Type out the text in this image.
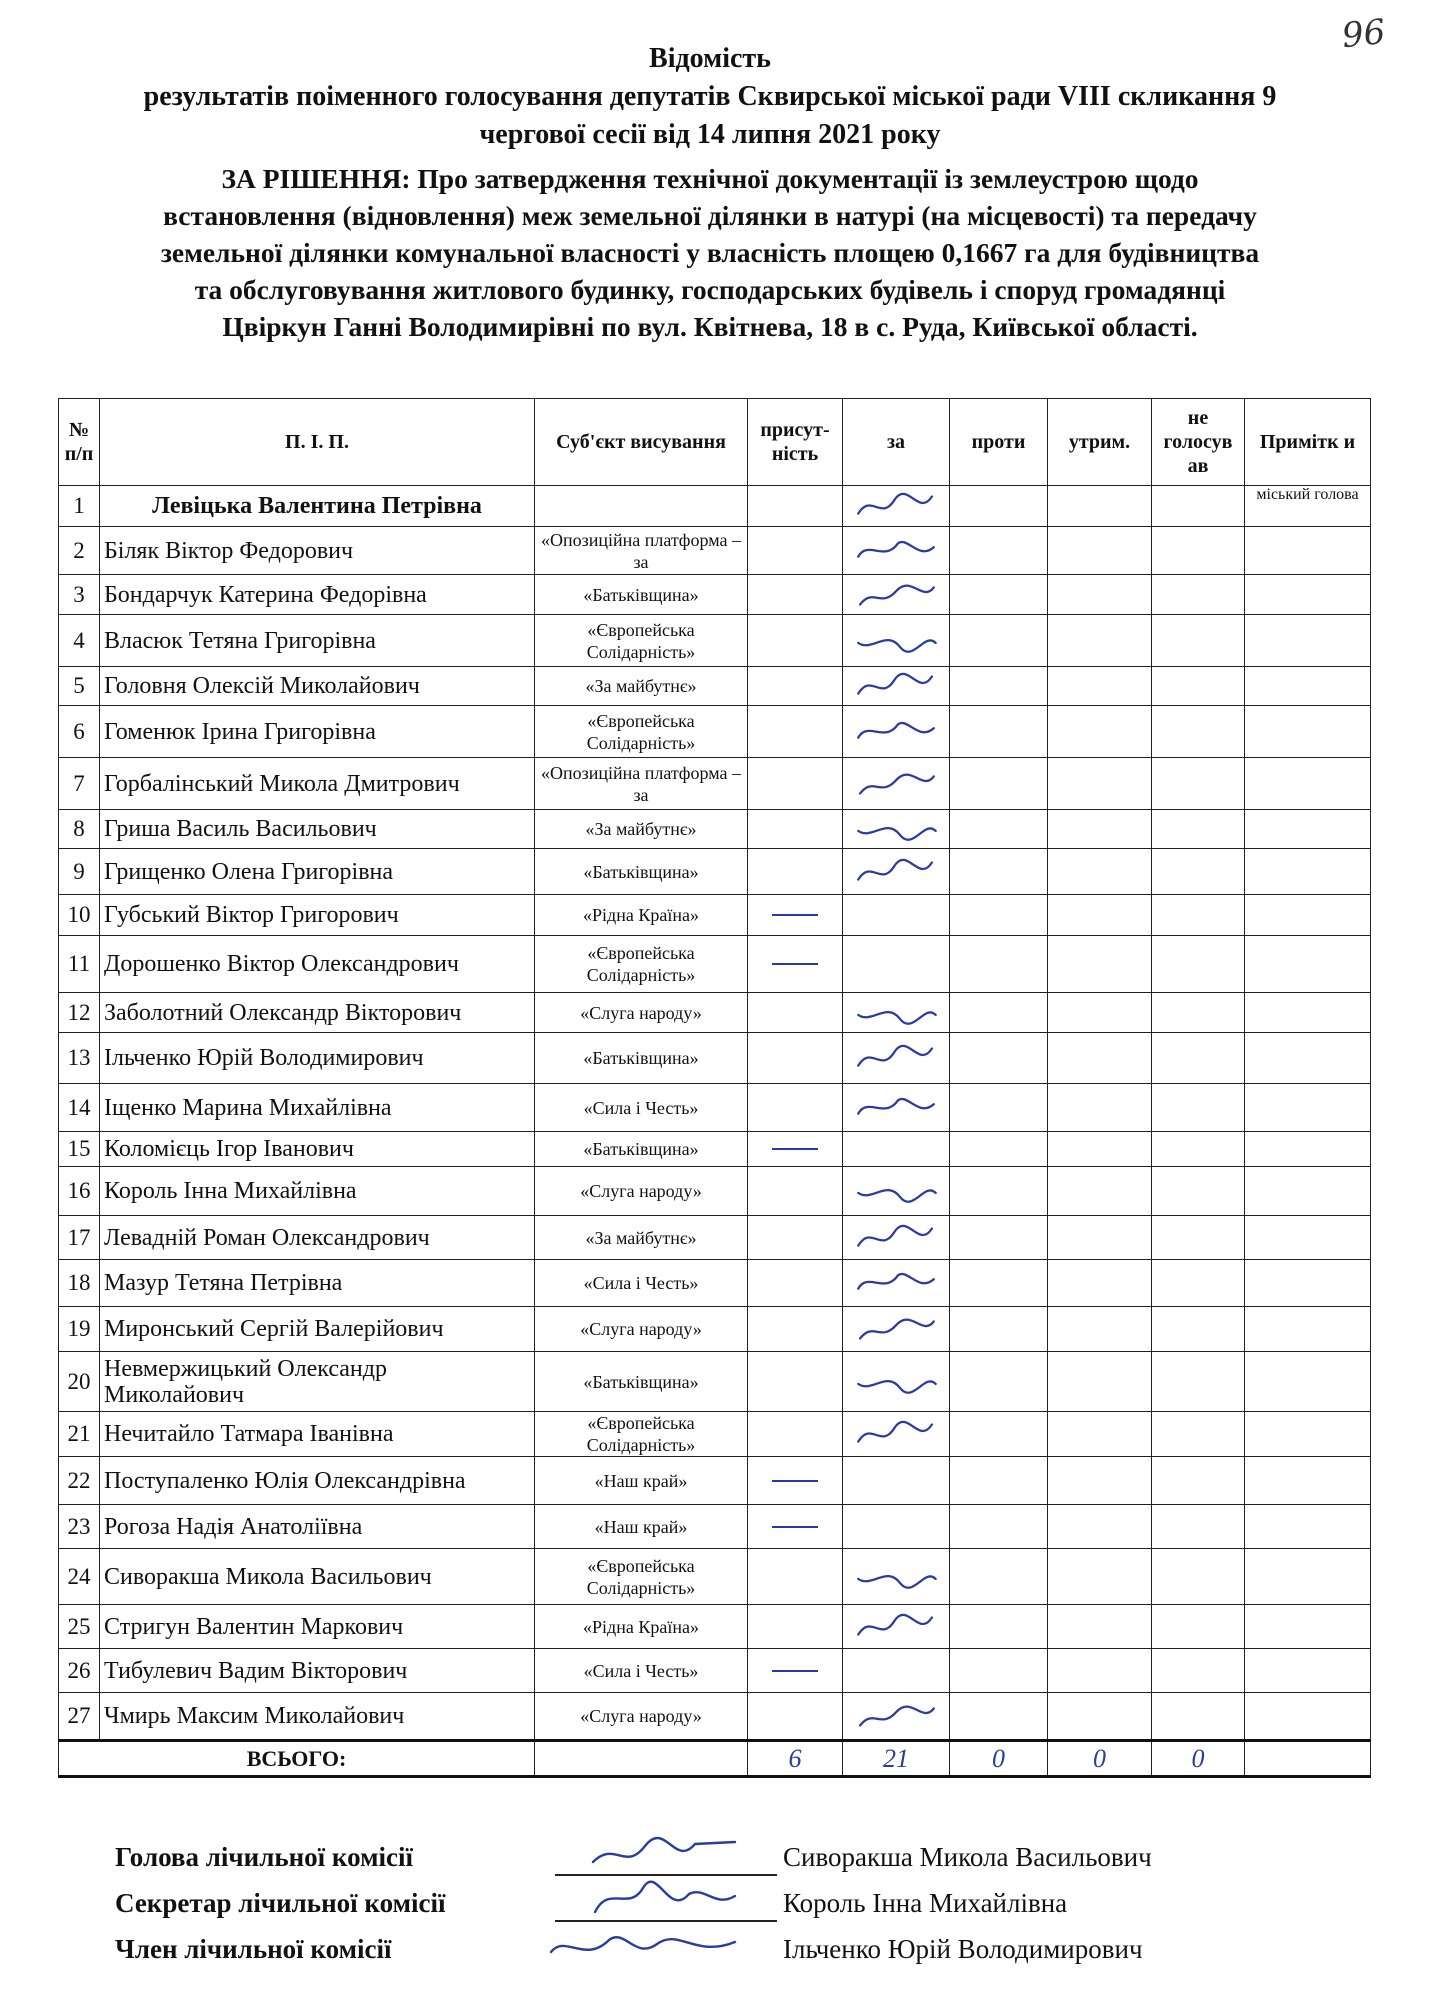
96
Відомість
результатів поіменного голосування депутатів Сквирської міської ради VIII скликання 9
чергової сесії від 14 липня 2021 року
ЗА РІШЕННЯ: Про затвердження технічної документації із землеустрою щодо
встановлення (відновлення) меж земельної ділянки в натурі (на місцевості) та передачу
земельної ділянки комунальної власності у власність площею 0,1667 га для будівництва
та обслуговування житлового будинку, господарських будівель і споруд громадянці
Цвіркун Ганні Володимирівні по вул. Квітнева, 18 в с. Руда, Київської області.
№ п/п	П. І. П.	Суб'єкт висування	присут-ність	за	проти	утрим.	не голосув ав	Примітк и
1	Левіцька Валентина Петрівна							міський голова
2	Біляк Віктор Федорович	«Опозиційна платформа – за		

3	Бондарчук Катерина Федорівна	«Батьківщина»		

4	Власюк Тетяна Григорівна	«Європейська Солідарність»		

5	Головня Олексій Миколайович	«За майбутнє»		

6	Гоменюк Ірина Григорівна	«Європейська Солідарність»		

7	Горбалінський Микола Дмитрович	«Опозиційна платформа – за		

8	Гриша Василь Васильович	«За майбутнє»		

9	Грищенко Олена Григорівна	«Батьківщина»		

10	Губський Віктор Григорович	«Рідна Країна»	

11	Дорошенко Віктор Олександрович	«Європейська Солідарність»	

12	Заболотний Олександр Вікторович	«Слуга народу»		

13	Ільченко Юрій Володимирович	«Батьківщина»		

14	Іщенко Марина Михайлівна	«Сила і Честь»		

15	Коломієць Ігор Іванович	«Батьківщина»	

16	Король Інна Михайлівна	«Слуга народу»		

17	Левадній Роман Олександрович	«За майбутнє»		

18	Мазур Тетяна Петрівна	«Сила і Честь»		

19	Миронський Сергій Валерійович	«Слуга народу»		

20	Невмержицький Олександр Миколайович	«Батьківщина»		

21	Нечитайло Татмара Іванівна	«Європейська Солідарність»		

22	Поступаленко Юлія Олександрівна	«Наш край»	

23	Рогоза Надія Анатоліївна	«Наш край»	

24	Сиворакша Микола Васильович	«Європейська Солідарність»		

25	Стригун Валентин Маркович	«Рідна Країна»		

26	Тибулевич Вадим Вікторович	«Сила і Честь»	

27	Чмирь Максим Миколайович	«Слуга народу»		

ВСЬОГО:			6	21	0	0	0	
Голова лічильної комісії	Сиворакша Микола Васильович
Секретар лічильної комісії	Король Інна Михайлівна
Член лічильної комісії	Ільченко Юрій Володимирович
